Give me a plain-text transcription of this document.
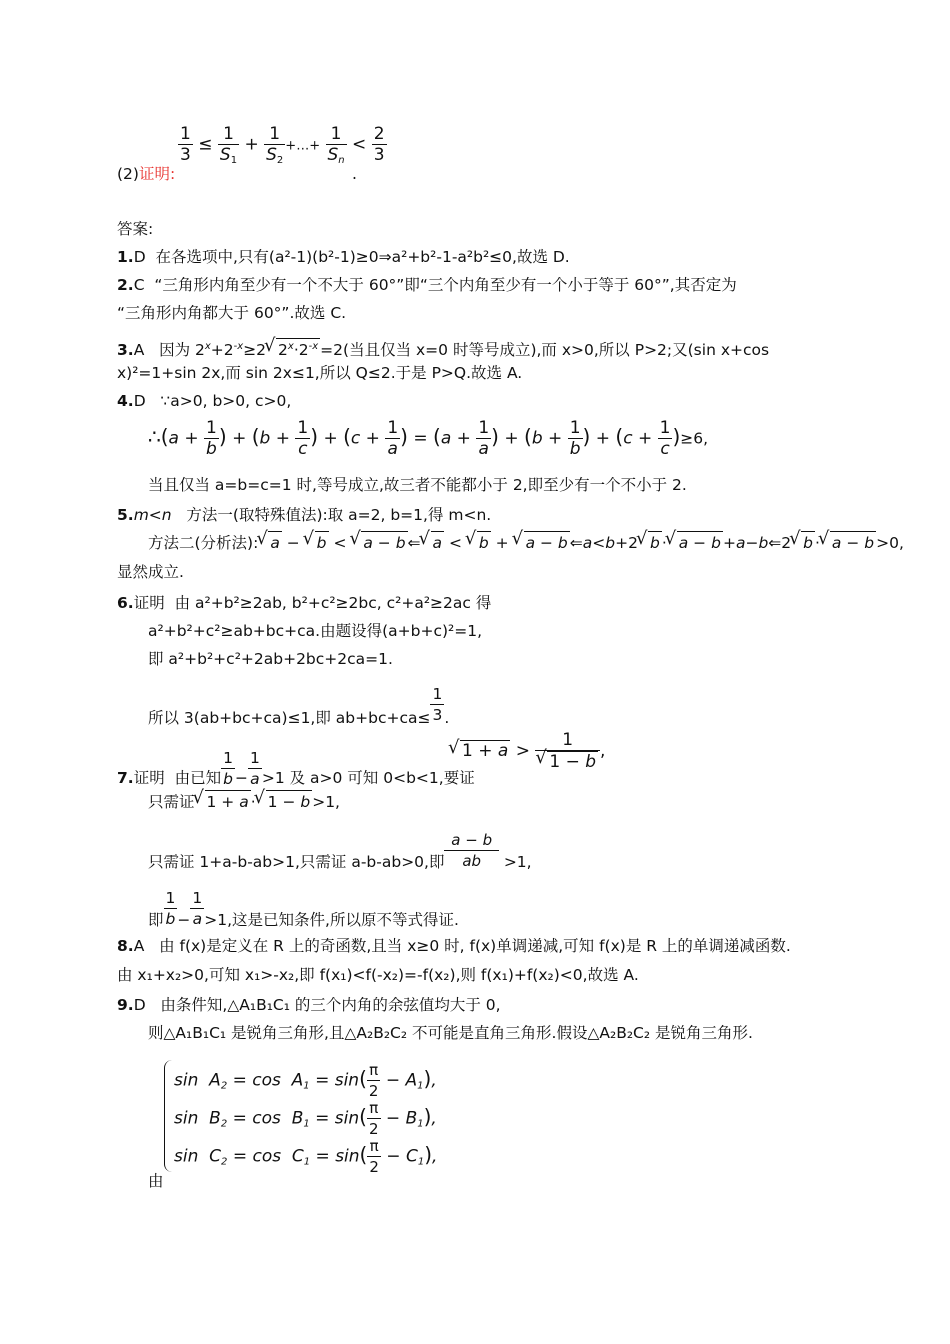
$\frac{1}{3} \le \frac{1}{S_1} + \frac{1}{S_2}$ +…+ $\frac{1}{S_n} < \frac{2}{3}$
(2)证明:	.
答案:
1.D 在各选项中,只有(a²-1)(b²-1)≥0⇒a²+b²-1-a²b²≤0,故选 D.
2.C “三角形内角至少有一个不大于 60°”即“三个内角至少有一个小于等于 60°”,其否定为
“三角形内角都大于 60°”.故选 C.
3.A 因为 $2^x+2^{-x}\ge 2√$ $2^x\cdot 2^{-x} =2$(当且仅当 x=0 时等号成立),而 x>0,所以 P>2;又(sin x+cos
x)²=1+sin 2x,而 sin 2x≤1,所以 Q≤2.于是 P>Q.故选 A.
4.D ∵a>0, b>0, c>0,
∴(a + $\frac{1}{b}$ ) + ($b + \frac{1}{c}$ ) + ($c + \frac{1}{a}$ ) = ($a + \frac{1}{a}$ ) + ($b + \frac{1}{b}$ ) + $(c + \frac{1}{c} )\ge 6$,
当且仅当 a=b=c=1 时,等号成立,故三者不能都小于 2,即至少有一个不小于 2.
5.m<n 方法一(取特殊值法):取 a=2, b=1,得 m<n.
方法二(分析法):√ a − √ b < √ a − b ⇐√ a < √ b + √ a − b ⇐a<b+2√ b ·√ a − b +a−b⇐2√ b ·√ a − b >0,
显然成立.
6.证明 由 a²+b²≥2ab, b²+c²≥2bc, c²+a²≥2ac 得
a²+b²+c²≥ab+bc+ca.由题设得(a+b+c)²=1,
即 a²+b²+c²+2ab+2bc+2ca=1.
所以 3(ab+bc+ca)≤1,即 $ab+bc+ca\le \frac{1}{3}$ .
7.证明 由已知 $\frac{1}{b} - \frac{1}{a} >1$ 及 a>0 可知 0<b<1,要证
√ 1 + a > 1
√ 1 − b ,
只需证√ 1 + a ·√ 1 − b >1,
只需证 1+a-b-ab>1,只需证 a-b-ab>0,即 $\frac{a - b}{ab} >1$,
即 $\frac{1}{b} - \frac{1}{a} >1$,这是已知条件,所以原不等式得证.
8.A 由 f(x)是定义在 R 上的奇函数,且当 x≥0 时, f(x)单调递减,可知 f(x)是 R 上的单调递减函数.
由 x₁+x₂>0,可知 x₁>-x₂,即 f(x₁)<f(-x₂)=-f(x₂),则 f(x₁)+f(x₂)<0,故选 A.
9.D 由条件知,△A₁B₁C₁ 的三个内角的余弦值均大于 0,
则△A₁B₁C₁ 是锐角三角形,且△A₂B₂C₂ 不可能是直角三角形.假设△A₂B₂C₂ 是锐角三角形.
$\sin A_2 = \cos A_1 = \sin( \frac{\pi}{2} - A_1)$,
$\sin B_2 = \cos B_1 = \sin( \frac{\pi}{2} - B_1)$,
$\sin C_2 = \cos C_1 = \sin( \frac{\pi}{2} - C_1)$,
由
